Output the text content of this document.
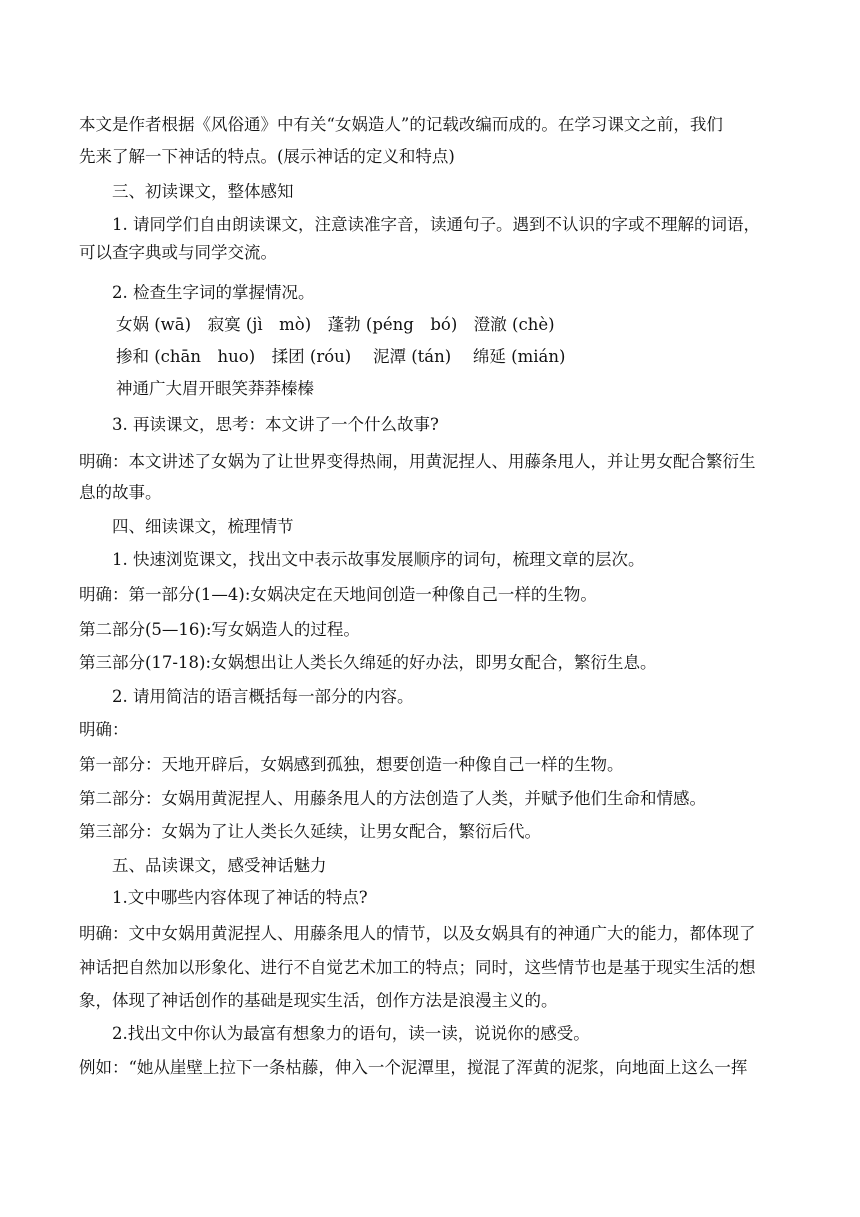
本文是作者根据《风俗通》中有关“女娲造人”的记载改编而成的。在学习课文之前，我们
先来了解一下神话的特点。(展示神话的定义和特点)
三、初读课文，整体感知
1. 请同学们自由朗读课文，注意读准字音，读通句子。遇到不认识的字或不理解的词语，
可以查字典或与同学交流。
2. 检查生字词的掌握情况。
女娲 (wā)　寂寞 (jì　mò)　蓬勃 (péng　bó)　澄澈 (chè)
掺和 (chān　huo)　揉团 (róu)　 泥潭 (tán)　 绵延 (mián)
神通广大眉开眼笑莽莽榛榛
3. 再读课文，思考：本文讲了一个什么故事?
明确：本文讲述了女娲为了让世界变得热闹，用黄泥捏人、用藤条甩人，并让男女配合繁衍生
息的故事。
四、细读课文，梳理情节
1. 快速浏览课文，找出文中表示故事发展顺序的词句，梳理文章的层次。
明确：第一部分(1—4):女娲决定在天地间创造一种像自己一样的生物。
第二部分(5—16):写女娲造人的过程。
第三部分(17-18):女娲想出让人类长久绵延的好办法，即男女配合，繁衍生息。
2. 请用简洁的语言概括每一部分的内容。
明确：
第一部分：天地开辟后，女娲感到孤独，想要创造一种像自己一样的生物。
第二部分：女娲用黄泥捏人、用藤条甩人的方法创造了人类，并赋予他们生命和情感。
第三部分：女娲为了让人类长久延续，让男女配合，繁衍后代。
五、品读课文，感受神话魅力
1.文中哪些内容体现了神话的特点?
明确：文中女娲用黄泥捏人、用藤条甩人的情节，以及女娲具有的神通广大的能力，都体现了
神话把自然加以形象化、进行不自觉艺术加工的特点；同时，这些情节也是基于现实生活的想
象，体现了神话创作的基础是现实生活，创作方法是浪漫主义的。
2.找出文中你认为最富有想象力的语句，读一读，说说你的感受。
例如：“她从崖壁上拉下一条枯藤，伸入一个泥潭里，搅混了浑黄的泥浆，向地面上这么一挥
